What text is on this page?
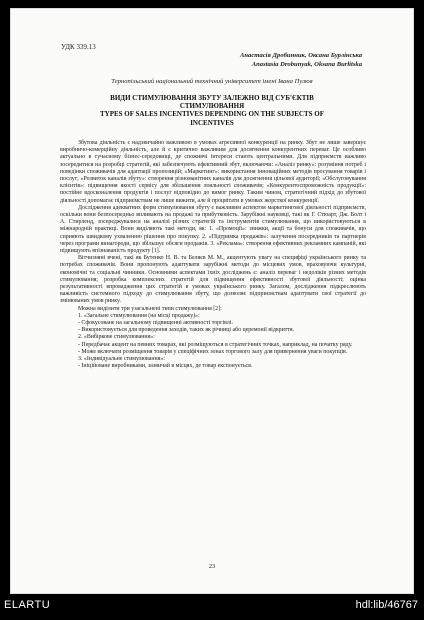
УДК 339.13
Анастасія Дробинник, Оксана Бурлінська
Anastasia Drobunyak, Oksana Burlitska
Тернопільський національний технічний університет імені Івана Пулюя
ВИДИ СТИМУЛЮВАННЯ ЗБУТУ ЗАЛЕЖНО ВІД СУБ'ЄКТІВ
СТИМУЛЮВАННЯ
TYPES OF SALES INCENTIVES DEPENDING ON THE SUBJECTS OF
INCENTIVES

Збутова діяльність є надзвичайно важливою в умовах агресивної конкуренції на ринку. Збут не лише завершує виробничо-комерційну діяльність, але й є критично важливим для досягнення конкурентних переваг. Це особливо актуально в сучасному бізнес-середовищі, де споживчі інтереси стають центральними. Для підприємств важливо зосередитися на розробці стратегій, які забезпечують ефективний збут, включаючи: «Аналіз ринку»: розуміння потреб і поведінки споживачів для адаптації пропозицій; «Маркетинг»: використання інноваційних методів просування товарів і послуг; «Розвиток каналів збуту»: створення різноманітних каналів для досягнення цільової аудиторії; «Обслуговування клієнтів»: підвищення якості сервісу для збільшення лояльності споживачів; «Конкурентоспроможність продукції»: постійне вдосконалення продуктів і послуг відповідно до вимог ринку. Таким чином, стратегічний підхід до збутової діяльності допомагає підприємствам не лише вижити, але й процвітати в умовах жорсткої конкуренції.

Дослідження адекватних форм стимулювання збуту є важливим аспектом маркетингової діяльності підприємств, оскільки вони безпосередньо впливають на продажі та прибутковість. Зарубіжні науковці, такі як Г. Стюарт, Дж. Болт і А. Стирленд, зосереджувалися на аналізі різних стратегій та інструментів стимулювання, що використовуються в міжнародній практиці. Вони виділяють такі методи, як: 1. «Промоції»: знижки, акції та бонуси для споживачів, що сприяють швидкому ухваленню рішення про покупку. 2. «Підтримка продажів»: залучення посередників та партнерів через програми винагороди, що збільшує обсяги продажів. 3. «Реклама»: створення ефективних рекламних кампаній, які підвищують впізнаваність продукту [1].

Вітчизняні вчені, такі як Бутенко Н. В. та Беляєв М. М., акцентують увагу на специфіці українського ринку та потребах споживачів. Вони пропонують адаптувати зарубіжні методи до місцевих умов, враховуючи культурні, економічні та соціальні чинники. Основними аспектами їхніх досліджень є: аналіз переваг і недоліків різних методів стимулювання; розробка комплексних стратегій для підвищення ефективності збутової діяльності; оцінка результативності впровадження цих стратегій в умовах українського ринку. Загалом, дослідження підкреслюють важливість системного підходу до стимулювання збуту, що дозволяє підприємствам адаптувати свої стратегії до змінюваних умов ринку.

Можна виділити три узагальнені типи стимулювання [2]:

1. «Загальне стимулювання (на місці продажу)»:

- Сфокусоване на загальному підвищенні активності торгівлі.

- Використовується для проведення заходів, таких як річниці або церемонії відкриття.

2. «Вибіркове стимулювання»:

- Передбачає акцент на певних товарах, які розміщуються в стратегічних точках, наприклад, на початку ряду.

- Може включати розміщення товарів у спеціфічних зонах торгового залу для привернення уваги покупців.

3. «Індивідуальне стимулювання»:

- Ініційоване виробниками, зазвичай в місцях, де товар експонується.

23
ELARTU	hdl:lib/46767
